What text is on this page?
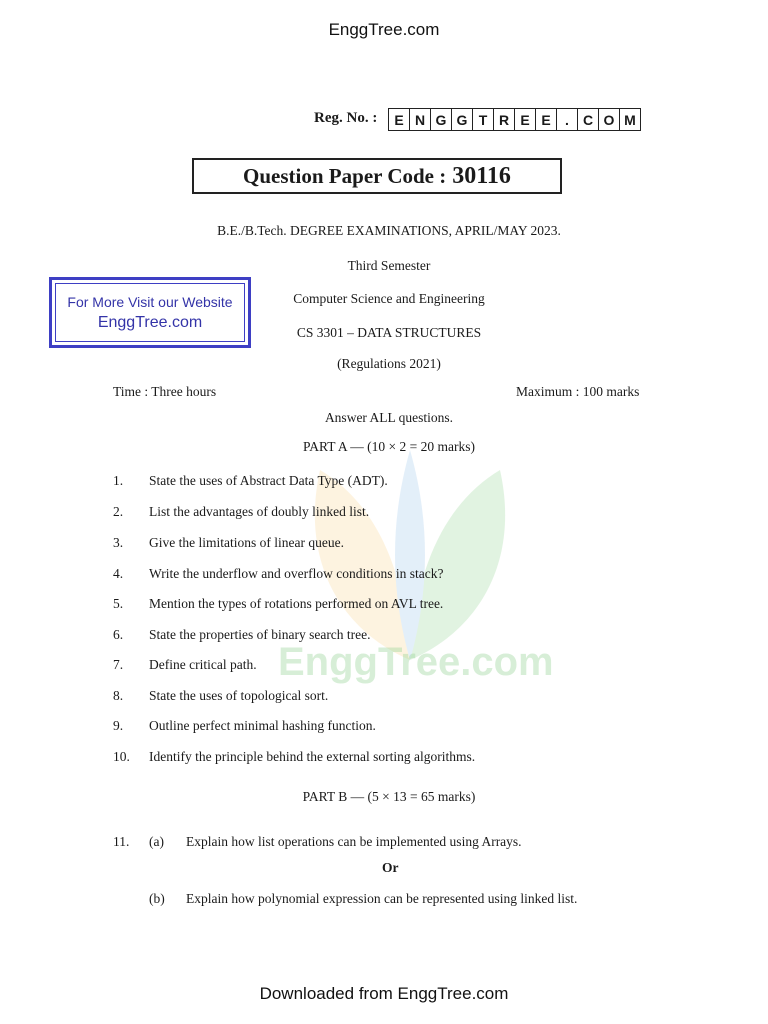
EnggTree.com
Reg. No. :	E N G G T R E E	.	C O M
Question Paper Code : 30116
B.E./B.Tech. DEGREE EXAMINATIONS, APRIL/MAY 2023.
Third Semester
Computer Science and Engineering
CS 3301 – DATA STRUCTURES
(Regulations 2021)
For More Visit our Website
EnggTree.com
Time : Three hours	Maximum : 100 marks
Answer ALL questions.
EnggTree.com
PART A — (10 × 2 = 20 marks)
1.	State the uses of Abstract Data Type (ADT).
2.	List the advantages of doubly linked list.
3.	Give the limitations of linear queue.
4.	Write the underflow and overflow conditions in stack?
5.	Mention the types of rotations performed on AVL tree.
6.	State the properties of binary search tree.
7.	Define critical path.
8.	State the uses of topological sort.
9.	Outline perfect minimal hashing function.
10.	Identify the principle behind the external sorting algorithms.
PART B — (5 × 13 = 65 marks)
11.	(a)	Explain how list operations can be implemented using Arrays.
Or
(b)	Explain how polynomial expression can be represented using linked list.
Downloaded from EnggTree.com
